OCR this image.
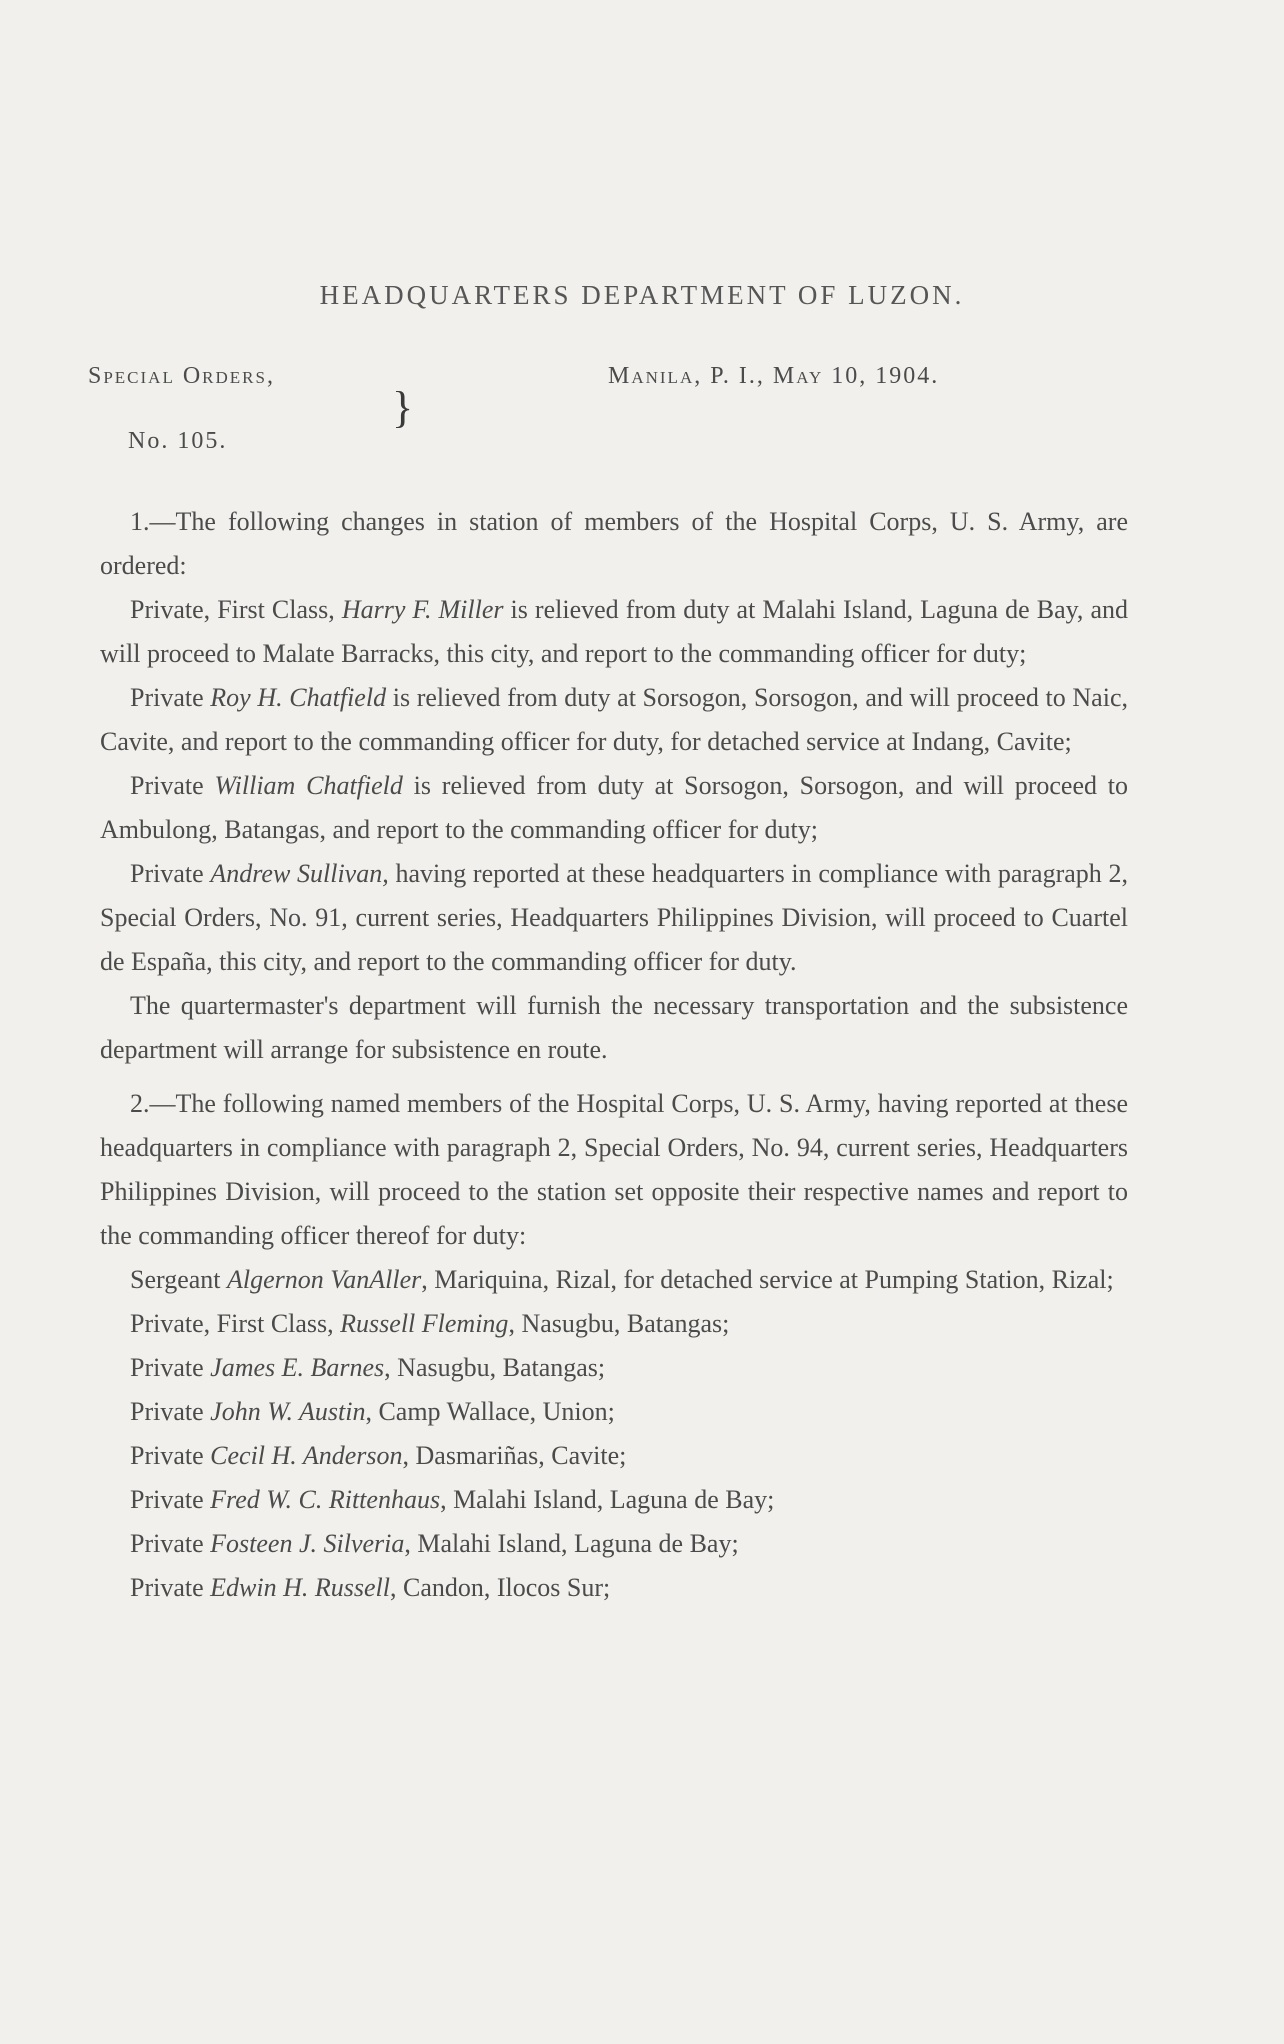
HEADQUARTERS DEPARTMENT OF LUZON.
Special Orders,
}
No. 105.
Manila, P. I., May 10, 1904.

1.—The following changes in station of members of the Hospital Corps, U. S. Army, are ordered:

Private, First Class, Harry F. Miller is relieved from duty at Malahi Island, Laguna de Bay, and will proceed to Malate Barracks, this city, and report to the commanding officer for duty;

Private Roy H. Chatfield is relieved from duty at Sorsogon, Sorsogon, and will proceed to Naic, Cavite, and report to the commanding officer for duty, for detached service at Indang, Cavite;

Private William Chatfield is relieved from duty at Sorsogon, Sorsogon, and will proceed to Ambulong, Batangas, and report to the commanding officer for duty;

Private Andrew Sullivan, having reported at these headquarters in compliance with paragraph 2, Special Orders, No. 91, current series, Headquarters Philippines Division, will proceed to Cuartel de España, this city, and report to the commanding officer for duty.

The quartermaster's department will furnish the necessary transportation and the subsistence department will arrange for subsistence en route.

2.—The following named members of the Hospital Corps, U. S. Army, having reported at these headquarters in compliance with paragraph 2, Special Orders, No. 94, current series, Headquarters Philippines Division, will proceed to the station set opposite their respective names and report to the commanding officer thereof for duty:

Sergeant Algernon VanAller, Mariquina, Rizal, for detached service at Pumping Station, Rizal;
Private, First Class, Russell Fleming, Nasugbu, Batangas;
Private James E. Barnes, Nasugbu, Batangas;
Private John W. Austin, Camp Wallace, Union;
Private Cecil H. Anderson, Dasmariñas, Cavite;
Private Fred W. C. Rittenhaus, Malahi Island, Laguna de Bay;
Private Fosteen J. Silveria, Malahi Island, Laguna de Bay;
Private Edwin H. Russell, Candon, Ilocos Sur;
